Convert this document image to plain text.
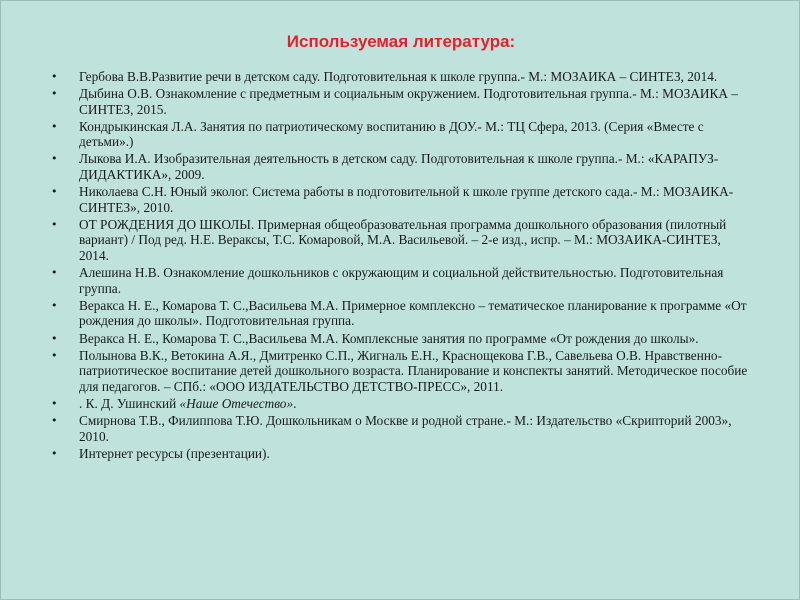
Используемая литература:
• Гербова В.В.Развитие речи в детском саду. Подготовительная к школе группа.- М.: МОЗАИКА – СИНТЕЗ, 2014.
• Дыбина О.В. Ознакомление с предметным и социальным окружением. Подготовительная группа.- М.: МОЗАИКА – СИНТЕЗ, 2015.
• Кондрыкинская Л.А. Занятия по патриотическому воспитанию в ДОУ.- М.: ТЦ Сфера, 2013. (Серия «Вместе с детьми».)
• Лыкова И.А. Изобразительная деятельность в детском саду. Подготовительная к школе группа.- М.: «КАРАПУЗ- ДИДАКТИКА», 2009.
• Николаева С.Н. Юный эколог. Система работы в подготовительной к школе группе детского сада.- М.: МОЗАИКА-СИНТЕЗ», 2010.
• ОТ РОЖДЕНИЯ ДО ШКОЛЫ. Примерная общеобразовательная программа дошкольного образования (пилотный вариант) / Под ред. Н.Е. Вераксы, Т.С. Комаровой, М.А. Васильевой. – 2-е изд., испр. – М.: МОЗАИКА-СИНТЕЗ, 2014.
• Алешина Н.В. Ознакомление дошкольников с окружающим и социальной действительностью. Подготовительная группа.
• Веракса Н. Е., Комарова Т. С.,Васильева М.А. Примерное комплексно – тематическое планирование к программе «От рождения до школы». Подготовительная группа.
• Веракса Н. Е., Комарова Т. С.,Васильева М.А. Комплексные занятия по программе «От рождения до школы».
• Полынова В.К., Ветокина А.Я., Дмитренко С.П., Жигналь Е.Н., Краснощекова Г.В., Савельева О.В. Нравственно- патриотическое воспитание детей дошкольного возраста. Планирование и конспекты занятий. Методическое пособие для педагогов. – СПб.: «ООО ИЗДАТЕЛЬСТВО ДЕТСТВО-ПРЕСС», 2011.
• . К. Д. Ушинский «Наше Отечество».
• Смирнова Т.В., Филиппова Т.Ю. Дошкольникам о Москве и родной стране.- М.: Издательство «Скрипторий 2003», 2010.
• Интернет ресурсы (презентации).
